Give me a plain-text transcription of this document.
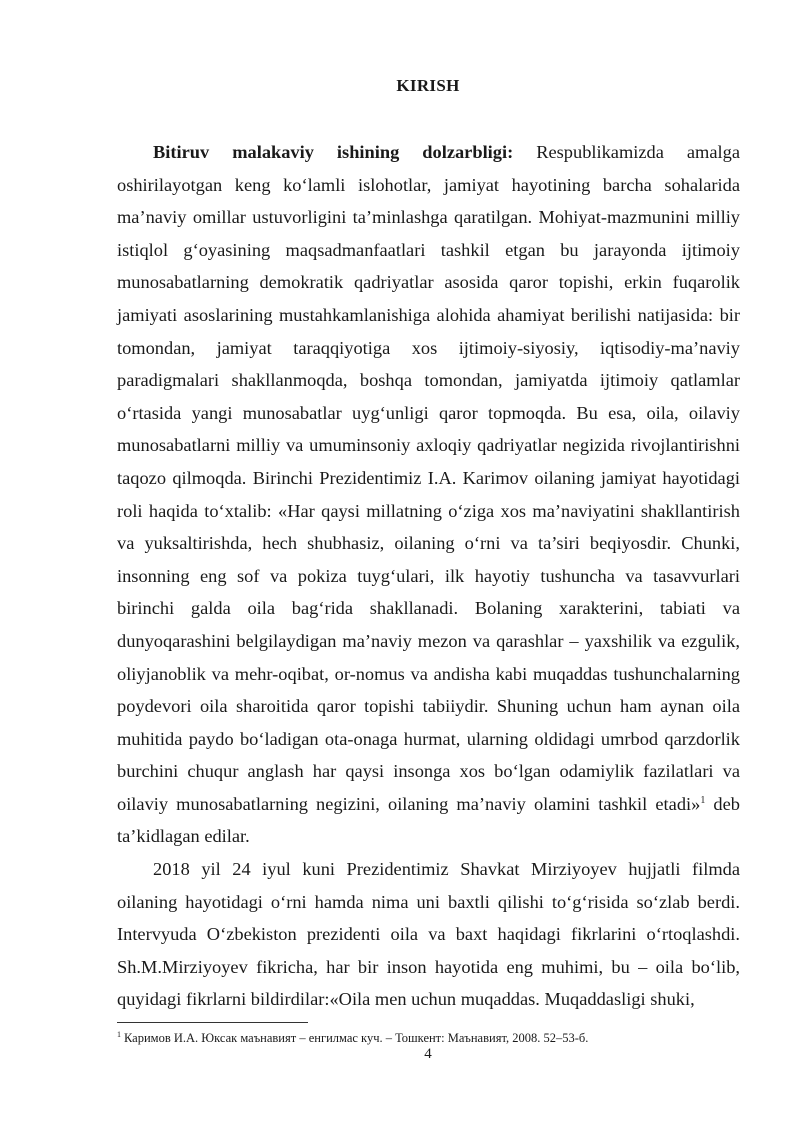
KIRISH

Bitiruv malakaviy ishining dolzarbligi: Respublikamizda amalga oshirilayotgan keng ko‘lamli islohotlar, jamiyat hayotining barcha sohalarida ma’naviy omillar ustuvorligini ta’minlashga qaratilgan. Mohiyat-mazmunini milliy istiqlol g‘oyasining maqsadmanfaatlari tashkil etgan bu jarayonda ijtimoiy munosabatlarning demokratik qadriyatlar asosida qaror topishi, erkin fuqarolik jamiyati asoslarining mustahkamlanishiga alohida ahamiyat berilishi natijasida: bir tomondan, jamiyat taraqqiyotiga xos ijtimoiy-siyosiy, iqtisodiy-ma’naviy paradigmalari shakllanmoqda, boshqa tomondan, jamiyatda ijtimoiy qatlamlar o‘rtasida yangi munosabatlar uyg‘unligi qaror topmoqda. Bu esa, oila, oilaviy munosabatlarni milliy va umuminsoniy axloqiy qadriyatlar negizida rivojlantirishni taqozo qilmoqda. Birinchi Prezidentimiz I.A. Karimov oilaning jamiyat hayotidagi roli haqida to‘xtalib: «Har qaysi millatning o‘ziga xos ma’naviyatini shakllantirish va yuksaltirishda, hech shubhasiz, oilaning o‘rni va ta’siri beqiyosdir. Chunki, insonning eng sof va pokiza tuyg‘ulari, ilk hayotiy tushuncha va tasavvurlari birinchi galda oila bag‘rida shakllanadi. Bolaning xarakterini, tabiati va dunyoqarashini belgilaydigan ma’naviy mezon va qarashlar – yaxshilik va ezgulik, oliyjanoblik va mehr-oqibat, or-nomus va andisha kabi muqaddas tushunchalarning poydevori oila sharoitida qaror topishi tabiiydir. Shuning uchun ham aynan oila muhitida paydo bo‘ladigan ota-onaga hurmat, ularning oldidagi umrbod qarzdorlik burchini chuqur anglash har qaysi insonga xos bo‘lgan odamiylik fazilatlari va oilaviy munosabatlarning negizini, oilaning ma’naviy olamini tashkil etadi»$^1$ deb ta’kidlagan edilar.

2018 yil 24 iyul kuni Prezidentimiz Shavkat Mirziyoyev hujjatli filmda oilaning hayotidagi o‘rni hamda nima uni baxtli qilishi to‘g‘risida so‘zlab berdi. Intervyuda O‘zbekiston prezidenti oila va baxt haqidagi fikrlarini o‘rtoqlashdi. Sh.M.Mirziyoyev fikricha, har bir inson hayotida eng muhimi, bu – oila bo‘lib, quyidagi fikrlarni bildirdilar:«Oila men uchun muqaddas. Muqaddasligi shuki,

$^1$ Каримов И.А. Юксак маънавият – енгилмас куч. – Тошкент: Маънавият, 2008. 52–53-б.
4
